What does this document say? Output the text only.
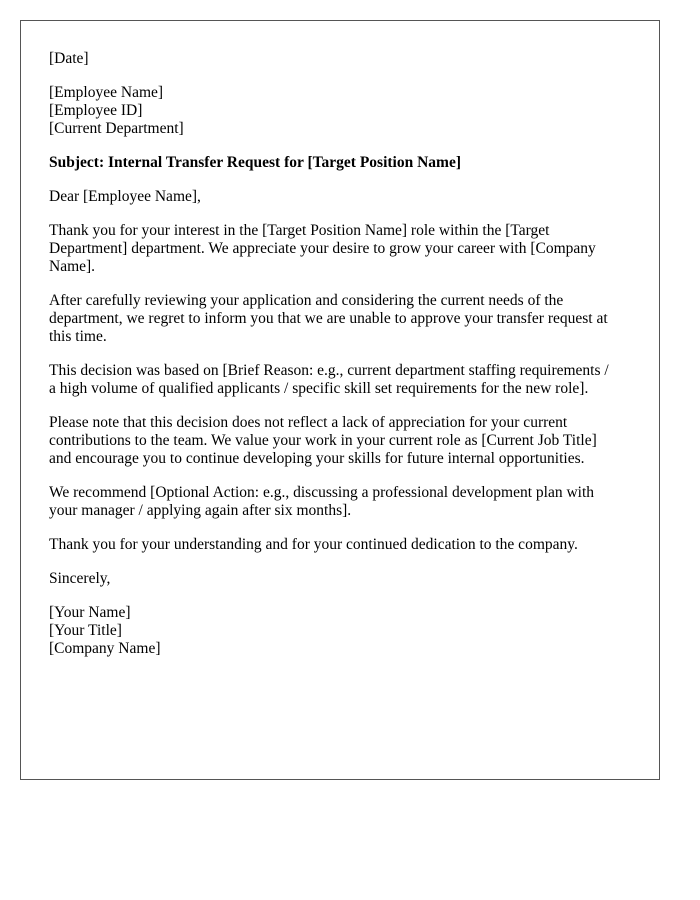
[Date]
[Employee Name]
[Employee ID]
[Current Department]
Subject: Internal Transfer Request for [Target Position Name]
Dear [Employee Name],
Thank you for your interest in the [Target Position Name] role within the [Target
Department] department. We appreciate your desire to grow your career with [Company
Name].
After carefully reviewing your application and considering the current needs of the
department, we regret to inform you that we are unable to approve your transfer request at
this time.
This decision was based on [Brief Reason: e.g., current department staffing requirements /
a high volume of qualified applicants / specific skill set requirements for the new role].
Please note that this decision does not reflect a lack of appreciation for your current
contributions to the team. We value your work in your current role as [Current Job Title]
and encourage you to continue developing your skills for future internal opportunities.
We recommend [Optional Action: e.g., discussing a professional development plan with
your manager / applying again after six months].
Thank you for your understanding and for your continued dedication to the company.
Sincerely,
[Your Name]
[Your Title]
[Company Name]
